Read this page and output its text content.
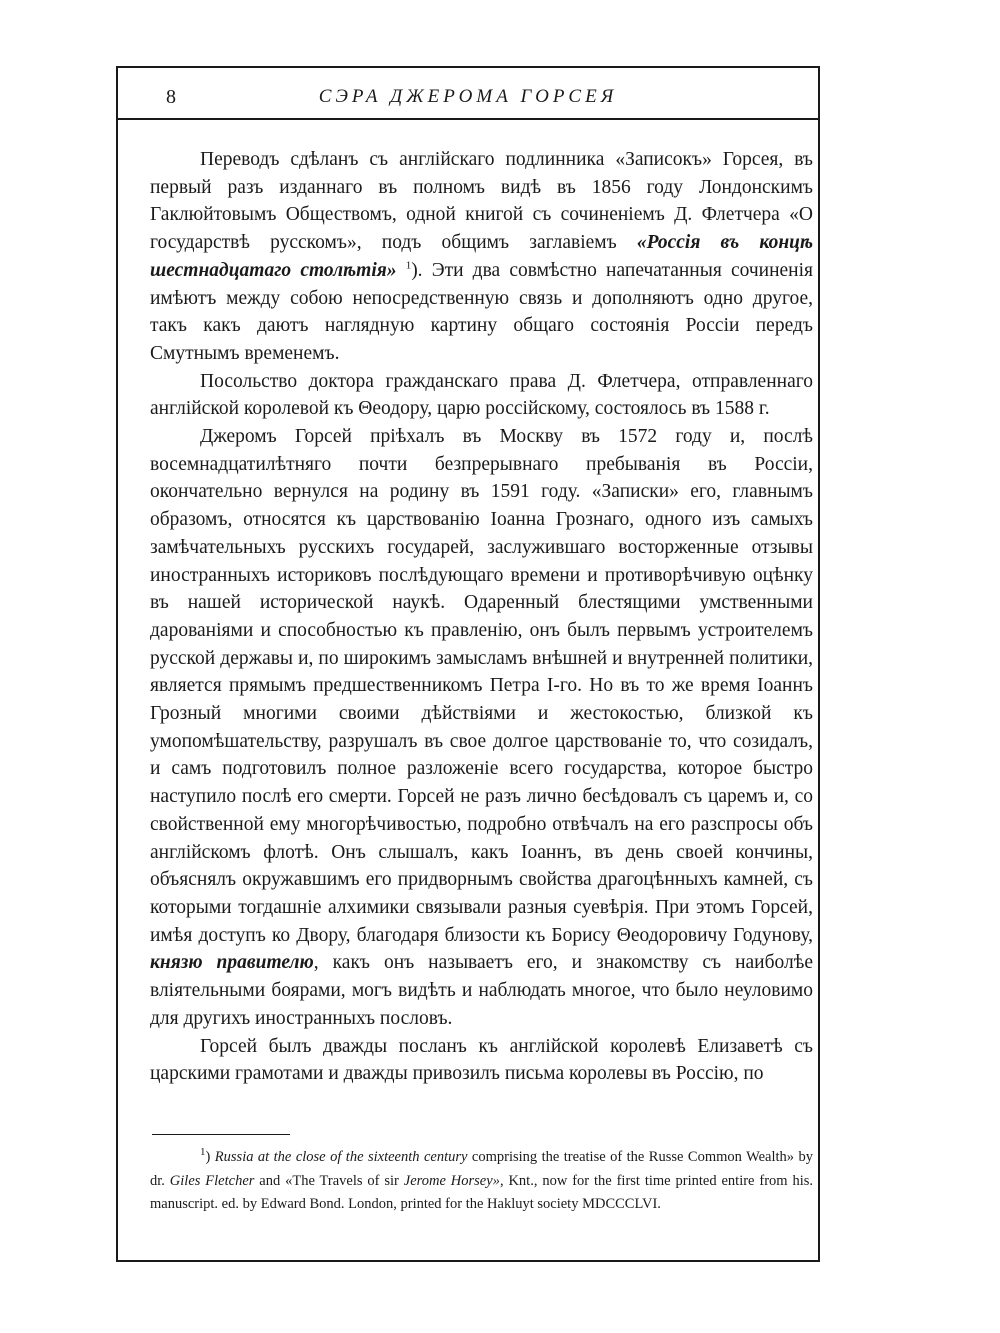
8	СЭРА ДЖЕРОМА ГОРСЕЯ

Переводъ сдѣланъ съ англійскаго подлинника «Записокъ» Горсея, въ первый разъ изданнаго въ полномъ видѣ въ 1856 году Лондонскимъ Гаклюйтовымъ Обществомъ, одной книгой съ сочиненіемъ Д. Флетчера «О государствѣ русскомъ», подъ общимъ заглавіемъ «Россія въ концѣ шестнадцатаго столѣтія» $^1$). Эти два совмѣстно напечатанныя сочиненія имѣютъ между собою непосредственную связь и дополняютъ одно другое, такъ какъ даютъ наглядную картину общаго состоянія Россіи передъ Смутнымъ временемъ.

Посольство доктора гражданскаго права Д. Флетчера, отправленнаго англійской королевой къ Θеодору, царю россійскому, состоялось въ 1588 г.

Джеромъ Горсей пріѣхалъ въ Москву въ 1572 году и, послѣ восемнадцатилѣтняго почти безпрерывнаго пребыванія въ Россіи, окончательно вернулся на родину въ 1591 году. «Записки» его, главнымъ образомъ, относятся къ царствованію Іоанна Грознаго, одного изъ самыхъ замѣчательныхъ русскихъ государей, заслужившаго восторженные отзывы иностранныхъ историковъ послѣдующаго времени и противорѣчивую оцѣнку въ нашей исторической наукѣ. Одаренный блестящими умственными дарованіями и способностью къ правленію, онъ былъ первымъ устроителемъ русской державы и, по широкимъ замысламъ внѣшней и внутренней политики, является прямымъ предшественникомъ Петра I-го. Но въ то же время Іоаннъ Грозный многими своими дѣйствіями и жестокостью, близкой къ умопомѣшательству, разрушалъ въ свое долгое царствованіе то, что созидалъ, и самъ подготовилъ полное разложеніе всего государства, которое быстро наступило послѣ его смерти. Горсей не разъ лично бесѣдовалъ съ царемъ и, со свойственной ему многорѣчивостью, подробно отвѣчалъ на его разспросы объ англійскомъ флотѣ. Онъ слышалъ, какъ Іоаннъ, въ день своей кончины, объяснялъ окружавшимъ его придворнымъ свойства драгоцѣнныхъ камней, съ которыми тогдашніе алхимики связывали разныя суевѣрія. При этомъ Горсей, имѣя доступъ ко Двору, благодаря близости къ Борису Θеодоровичу Годунову, князю правителю, какъ онъ называетъ его, и знакомству съ наиболѣе вліятельными боярами, могъ видѣть и наблюдать многое, что было неуловимо для другихъ иностранныхъ пословъ.

Горсей былъ дважды посланъ къ англійской королевѣ Елизаветѣ съ царскими грамотами и дважды привозилъ письма королевы въ Россію, по

$^1$) Russia at the close of the sixteenth century comprising the treatise of the Russe Common Wealth» by dr. Giles Fletcher and «The Travels of sir Jerome Horsey», Knt., now for the first time printed entire from his. manuscript. ed. by Edward Bond. London, printed for the Hakluyt society MDCCCLVI.
